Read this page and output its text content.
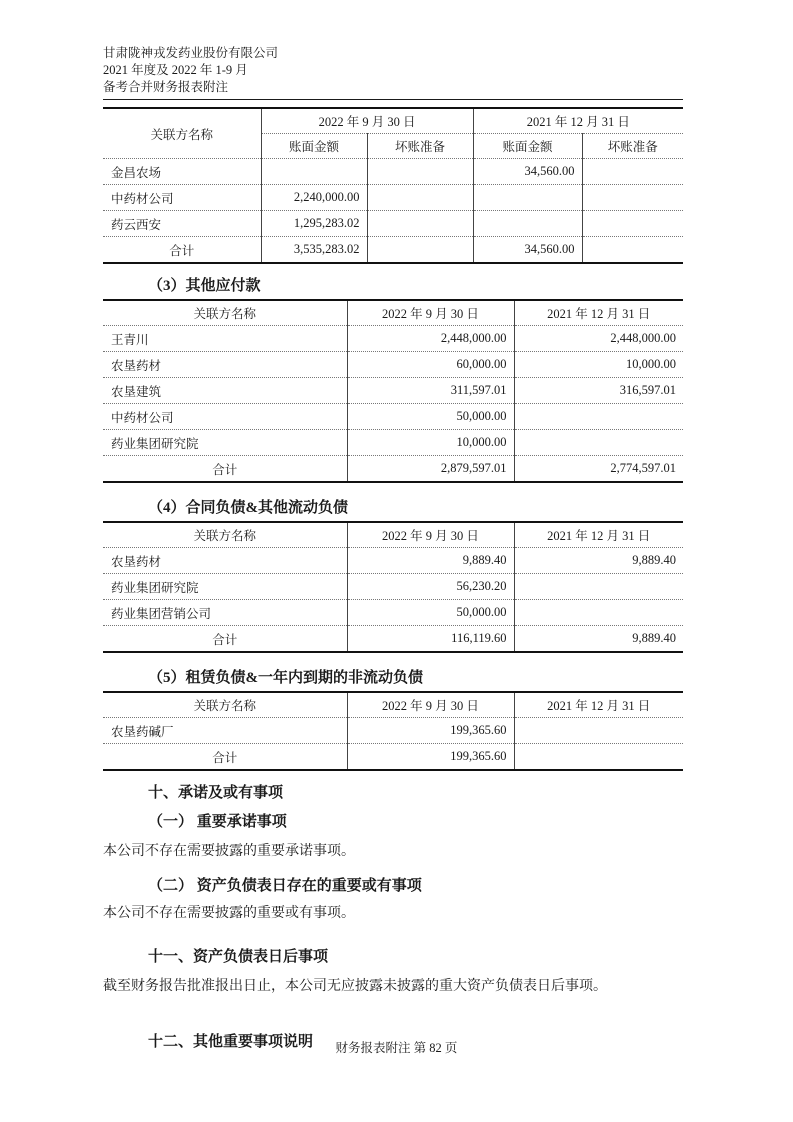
甘肃陇神戎发药业股份有限公司
2021 年度及 2022 年 1-9 月
备考合并财务报表附注
关联方名称	2022 年 9 月 30 日		2021 年 12 月 31 日	
	账面金额	坏账准备	账面金额	坏账准备
金昌农场			34,560.00	
中药材公司	2,240,000.00			
药云西安	1,295,283.02			
合计	3,535,283.02		34,560.00	
（3）其他应付款
关联方名称	2022 年 9 月 30 日	2021 年 12 月 31 日
王青川	2,448,000.00	2,448,000.00
农垦药材	60,000.00	10,000.00
农垦建筑	311,597.01	316,597.01
中药材公司	50,000.00	
药业集团研究院	10,000.00	
合计	2,879,597.01	2,774,597.01
（4）合同负债&其他流动负债
关联方名称	2022 年 9 月 30 日	2021 年 12 月 31 日
农垦药材	9,889.40	9,889.40
药业集团研究院	56,230.20	
药业集团营销公司	50,000.00	
合计	116,119.60	9,889.40
（5）租赁负债&一年内到期的非流动负债
关联方名称	2022 年 9 月 30 日	2021 年 12 月 31 日
农垦药碱厂	199,365.60	
合计	199,365.60	
十、承诺及或有事项
（一） 重要承诺事项
本公司不存在需要披露的重要承诺事项。
（二） 资产负债表日存在的重要或有事项
本公司不存在需要披露的重要或有事项。
十一、资产负债表日后事项
截至财务报告批准报出日止，本公司无应披露未披露的重大资产负债表日后事项。
十二、其他重要事项说明	财务报表附注 第 82 页
